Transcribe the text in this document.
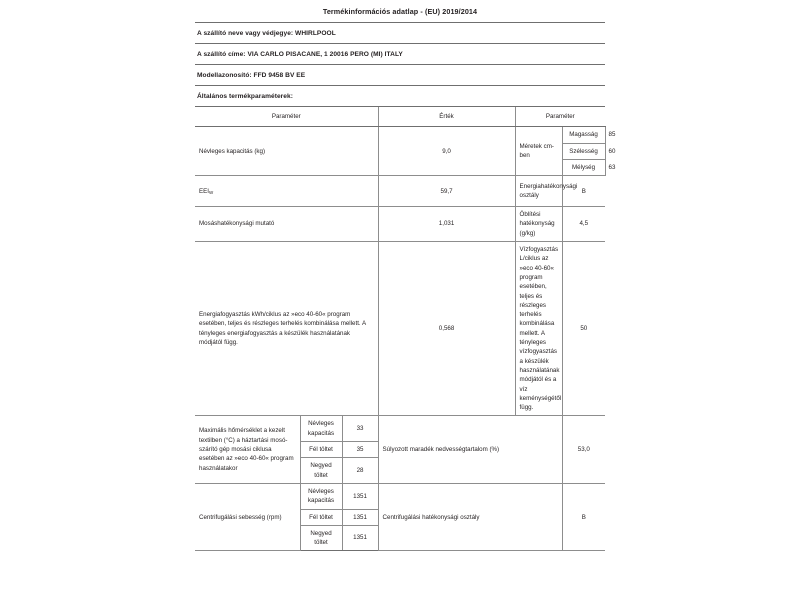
Termékinformációs adatlap - (EU) 2019/2014
A szállító neve vagy védjegye: WHIRLPOOL
A szállító címe: VIA CARLO PISACANE, 1 20016 PERO (MI) ITALY
Modellazonosító: FFD 9458 BV EE
Általános termékparaméterek:
Paraméter			Érték	Paraméter		
Névleges kapacitás (kg)			9,0	Méretek cm-ben	Magasság	85
					Szélesség	60
					Mélység	63
$EEI_W$			59,7	Energiahatékonysági osztály	B	
Mosáshatékonysági mutató			1,031	Öblítési hatékonyság (g/kg)	4,5	
Energiafogyasztás kWh/ciklus az »eco 40-60« program esetében, teljes és részleges terhelés kombinálása mellett. A tényleges energiafogyasztás a készülék használatának módjától függ.			0,568	Vízfogyasztás L/ciklus az »eco 40-60« program esetében, teljes és részleges terhelés kombinálása mellett. A tényleges vízfogyasztás a készülék használatának módjától és a víz keménységétől függ.	50	
Maximális hőmérséklet a kezelt textilben (°C) a háztartási mosó-szárító gép mosási ciklusa esetében az »eco 40-60« program használatakor	Névleges kapacitás	33	Súlyozott maradék nedvességtartalom (%)		53,0	
	Fél töltet	35				
	Negyed töltet	28				
Centrifugálási sebesség (rpm)	Névleges kapacitás	1351	Centrifugálási hatékonysági osztály		B	
	Fél töltet	1351				
	Negyed töltet	1351				
